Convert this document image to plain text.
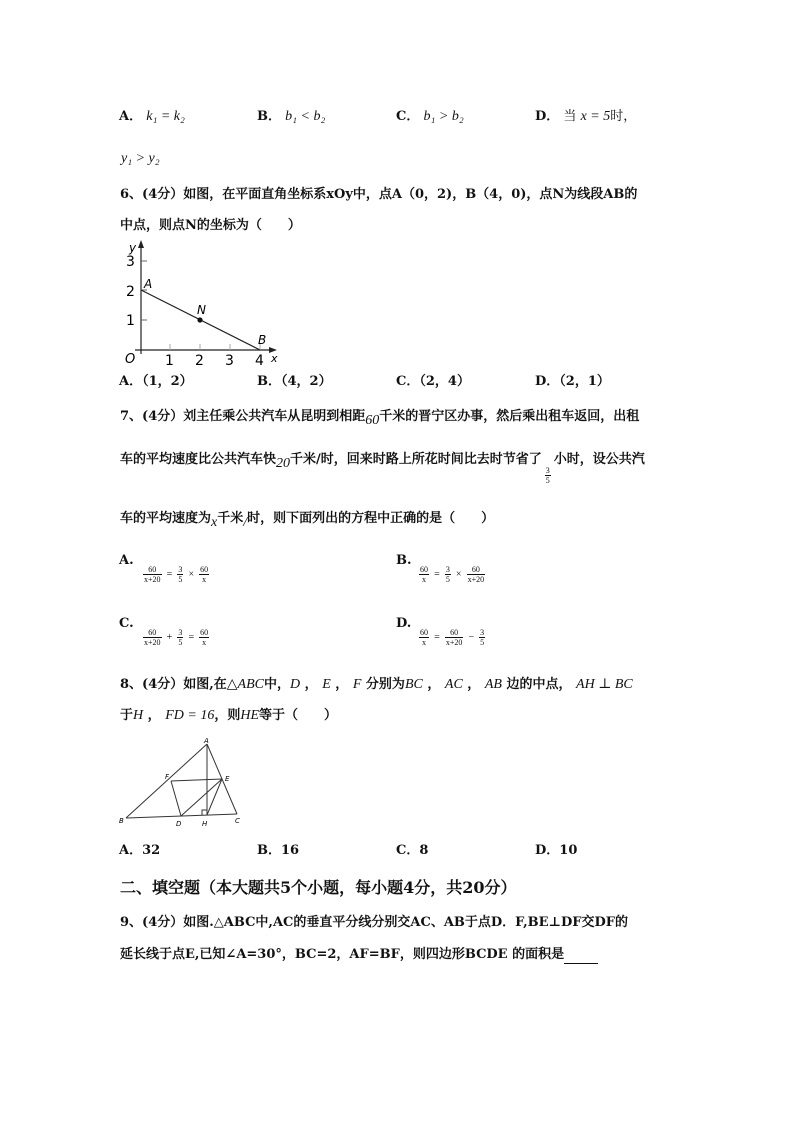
A． k₁ = k₂	B． b₁ < b₂	C． b₁ > b₂	D． 当 x = 5时，
y₁ > y₂
6、(4分）如图，在平面直角坐标系xOy中，点A（0，2)，B（4，0)，点N为线段AB的
中点，则点N的坐标为（　　）
y
x
O
1
2
3
1 2 3 4
A
N
B
A．（1，2）	B．（4，2）	C．（2，4）	D．（2，1）
7、(4分）刘主任乘公共汽车从昆明到相距60千米的晋宁区办事，然后乘出租车返回，出租
车的平均速度比公共汽车快20千米/时，回来时路上所花时间比去时节省了
$\frac{3}{5}$
小时，设公共汽
车的平均速度为x千米/时，则下面列出的方程中正确的是（　　）
A.
$\frac{60}{x+20} = \frac{3}{5} \times \frac{60}{x}$
B.
$\frac{60}{x} = \frac{3}{5} \times \frac{60}{x+20}$
C.
$\frac{60}{x+20} + \frac{3}{5} = \frac{60}{x}$
D.
$\frac{60}{x} = \frac{60}{x+20} - \frac{3}{5}$
8、(4分）如图,在△ABC中，D ， E ， F 分别为BC ， AC ， AB 边的中点， AH ⊥ BC
于H ， FD = 16，则HE等于（　　）
A
B	C
D
E
F
H
A．32	B．16	C．8	D．10
二、填空题（本大题共5个小题，每小题4分，共20分）
9、(4分）如图.△ABC中,AC的垂直平分线分别交AC、AB于点D．F,BE⊥DF交DF的
延长线于点E,已知∠A=30°，BC=2，AF=BF，则四边形BCDE 的面积是
